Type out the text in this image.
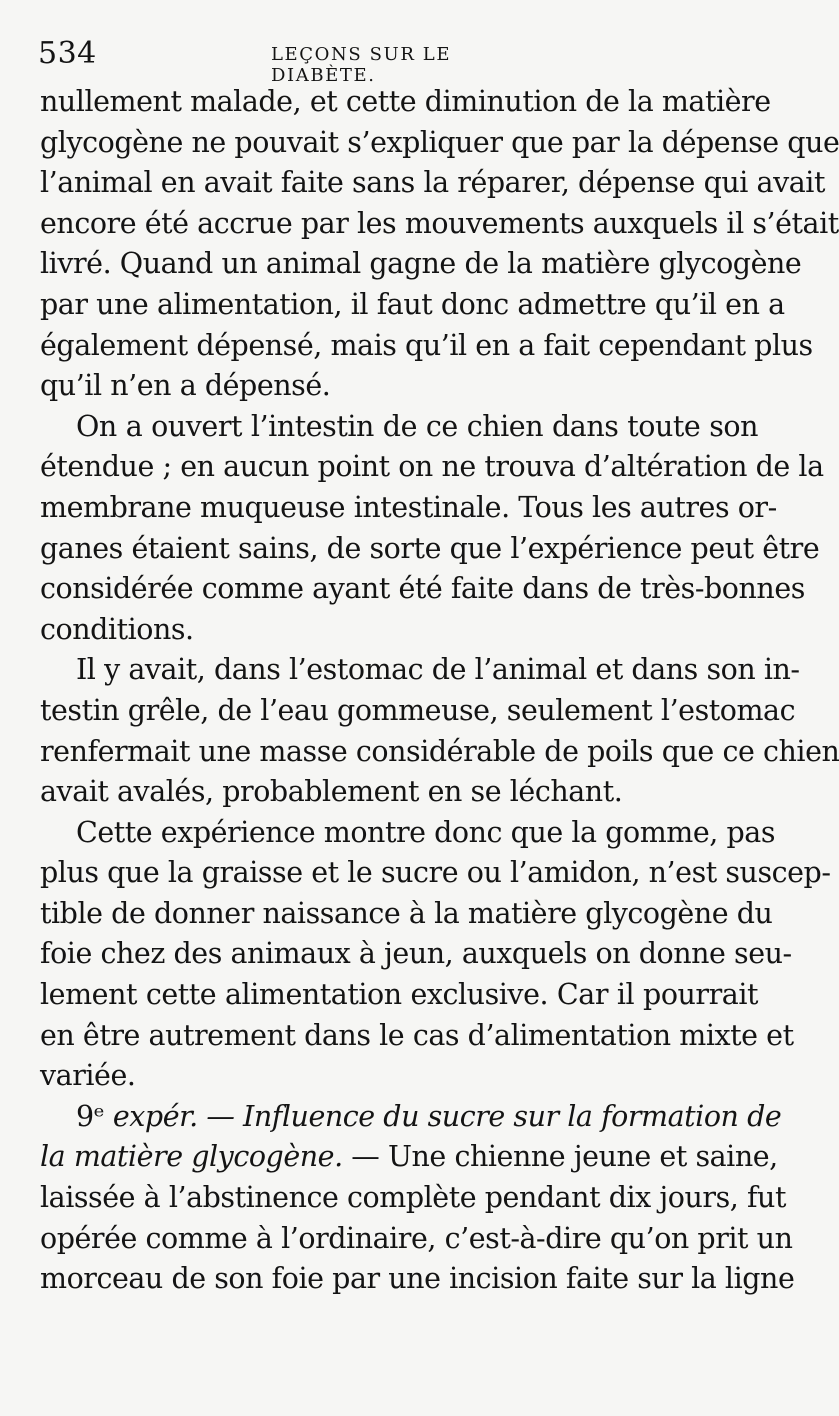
534	LEÇONS SUR LE DIABÈTE.
nullement malade, et cette diminution de la matière
glycogène ne pouvait s’expliquer que par la dépense que
l’animal en avait faite sans la réparer, dépense qui avait
encore été accrue par les mouvements auxquels il s’était
livré. Quand un animal gagne de la matière glycogène
par une alimentation, il faut donc admettre qu’il en a
également dépensé, mais qu’il en a fait cependant plus
qu’il n’en a dépensé.
On a ouvert l’intestin de ce chien dans toute son
étendue ; en aucun point on ne trouva d’altération de la
membrane muqueuse intestinale. Tous les autres or-
ganes étaient sains, de sorte que l’expérience peut être
considérée comme ayant été faite dans de très-bonnes
conditions.
Il y avait, dans l’estomac de l’animal et dans son in-
testin grêle, de l’eau gommeuse, seulement l’estomac
renfermait une masse considérable de poils que ce chien
avait avalés, probablement en se léchant.
Cette expérience montre donc que la gomme, pas
plus que la graisse et le sucre ou l’amidon, n’est suscep-
tible de donner naissance à la matière glycogène du
foie chez des animaux à jeun, auxquels on donne seu-
lement cette alimentation exclusive. Car il pourrait
en être autrement dans le cas d’alimentation mixte et
variée.
9ᵉ expér. — Influence du sucre sur la formation de
la matière glycogène. — Une chienne jeune et saine,
laissée à l’abstinence complète pendant dix jours, fut
opérée comme à l’ordinaire, c’est-à-dire qu’on prit un
morceau de son foie par une incision faite sur la ligne
